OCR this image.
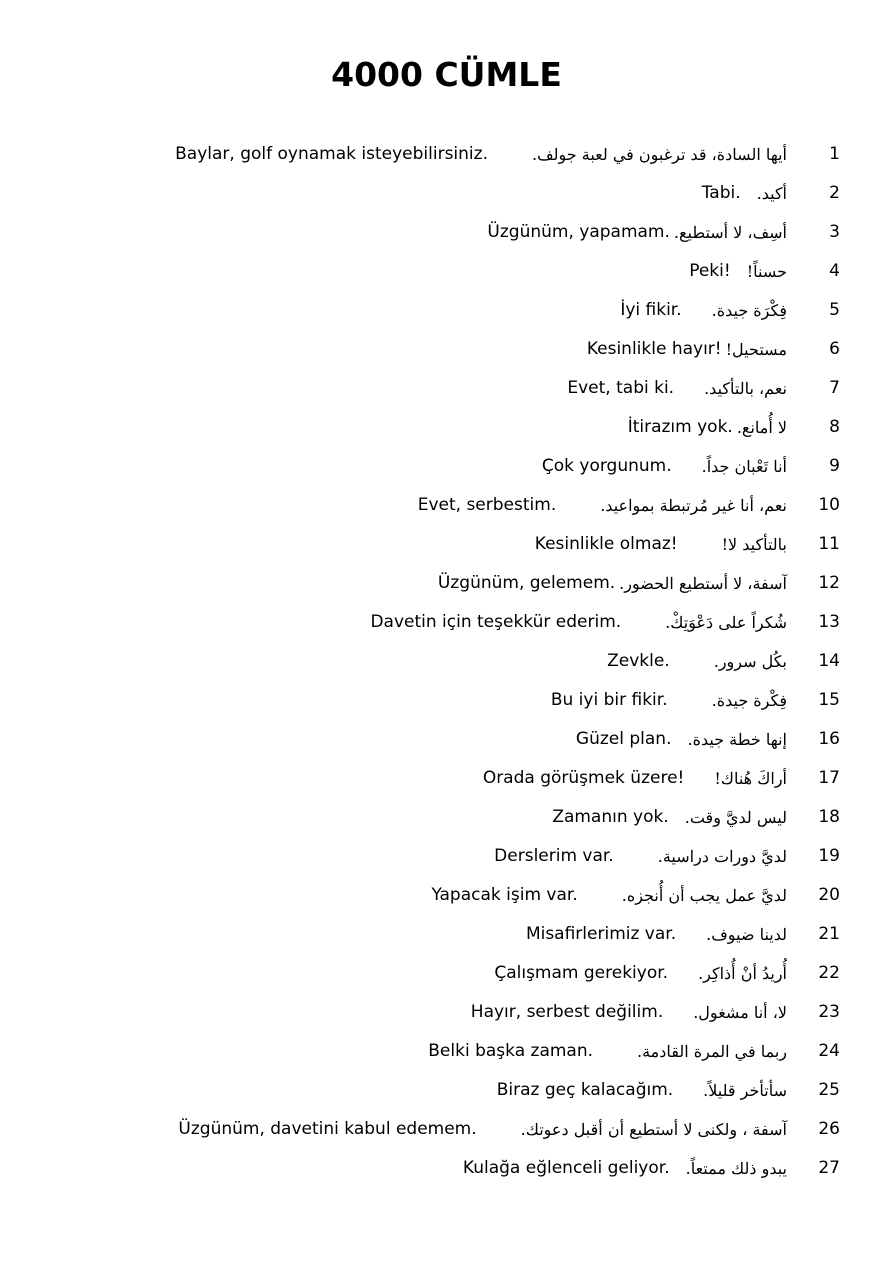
4000 CÜMLE
Baylar, golf oynamak isteyebilirsiniz.	أيها السادة، قد ترغبون في لعبة جولف. 1
Tabi. أكيد. 2
Üzgünüm, yapamam. أسِف، لا أستطيع. 3
Peki! حسناً! 4
İyi fikir. فِكْرَة جيدة. 5
Kesinlikle hayır! مستحيل! 6
Evet, tabi ki. نعم، بالتأكيد. 7
İtirazım yok. لا أُمانع. 8
Çok yorgunum. أنا تَعْبان جداً. 9
Evet, serbestim.	نعم، أنا غير مُرتبطة بمواعيد. 10
Kesinlikle olmaz!	بالتأكيد لا! 11
Üzgünüm, gelemem. آسفة، لا أستطيع الحضور. 12
Davetin için teşekkür ederim.	شُكراً على دَعْوَتِكْ. 13
Zevkle.	بكُل سرور. 14
Bu iyi bir fikir.	فِكْرة جيدة. 15
Güzel plan. إنها خطة جيدة. 16
Orada görüşmek üzere! أراكَ هُناك! 17
Zamanın yok. ليس لديَّ وقت. 18
Derslerim var.	لديَّ دورات دراسية. 19
Yapacak işim var.	لديَّ عمل يجب أن أُنجزه. 20
Misafirlerimiz var. لدينا ضيوف. 21
Çalışmam gerekiyor. أُريدُ أنْ أُذاكِر. 22
Hayır, serbest değilim. لا، أنا مشغول. 23
Belki başka zaman.	ربما في المرة القادمة. 24
Biraz geç kalacağım. سأتأخر قليلاً. 25
Üzgünüm, davetini kabul edemem.	آسفة ، ولكنى لا أستطيع أن أقبل دعوتك. 26
Kulağa eğlenceli geliyor. يبدو ذلك ممتعاً. 27
